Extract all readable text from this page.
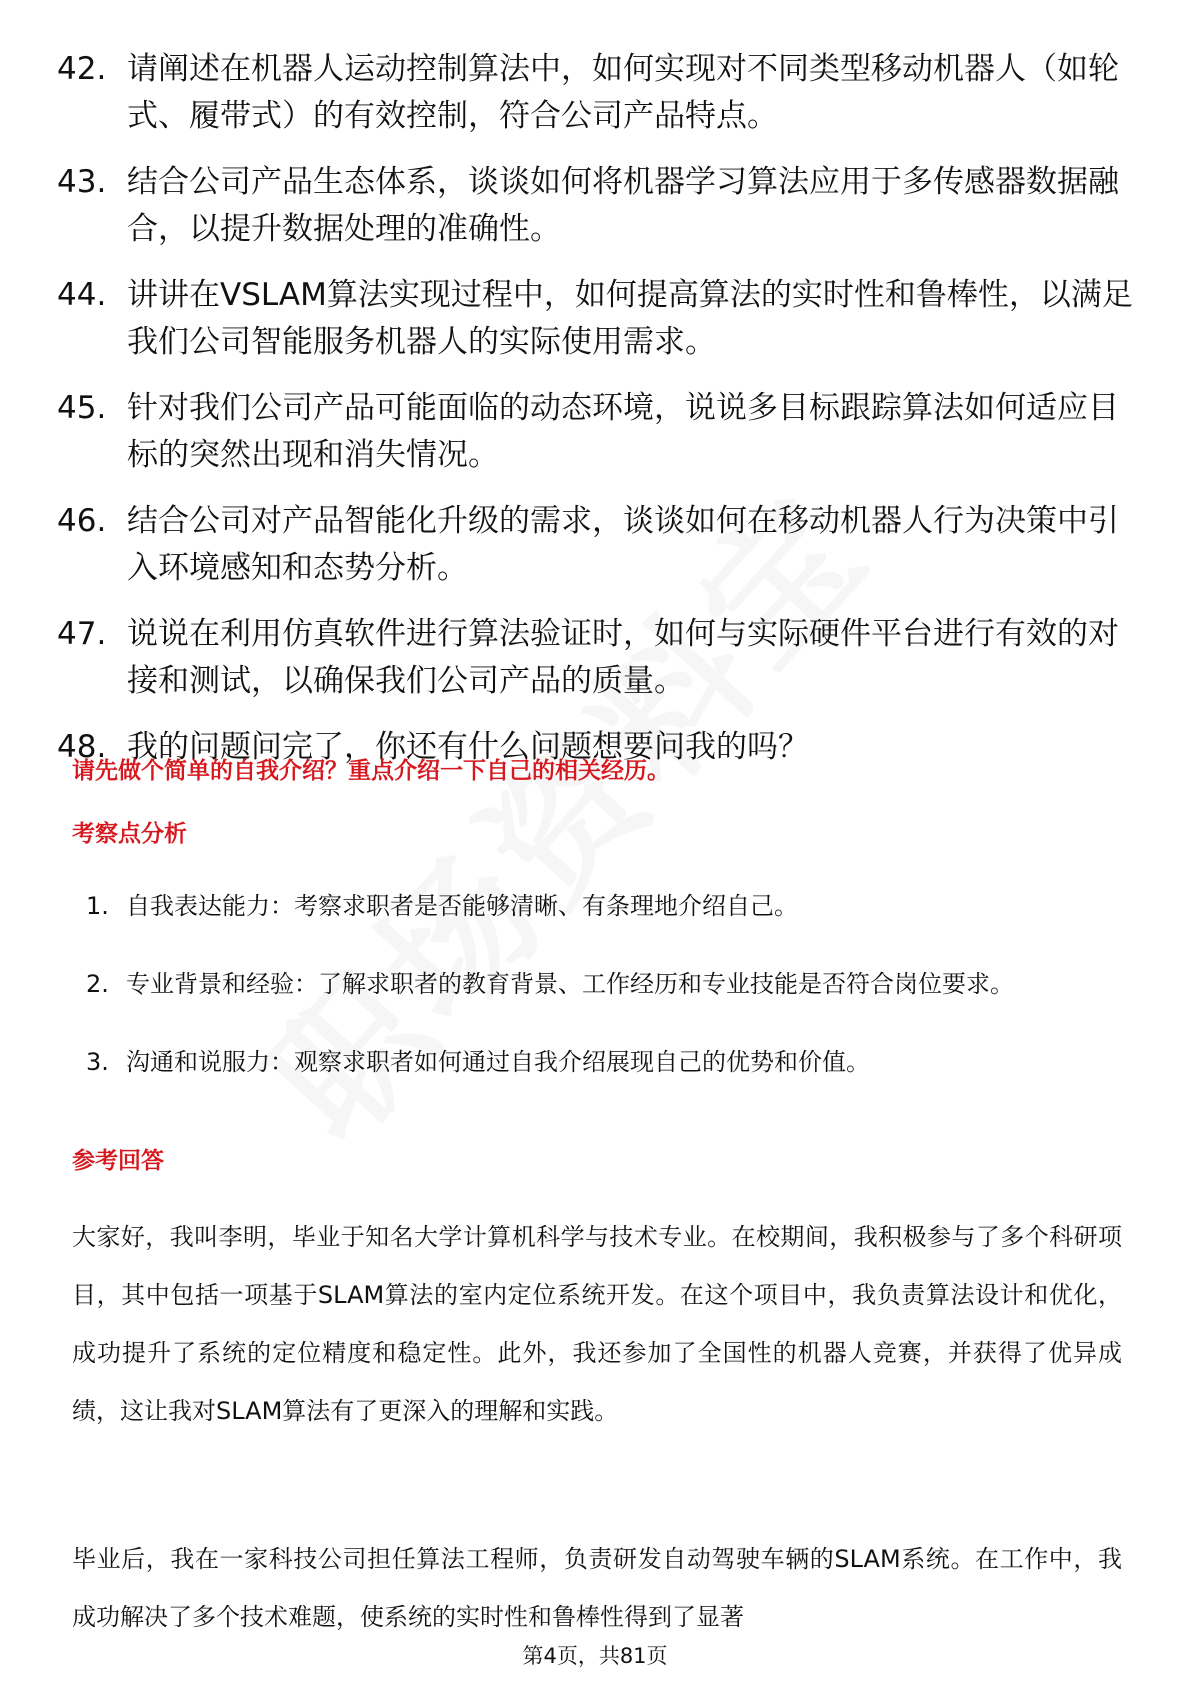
42. 请阐述在机器人运动控制算法中，如何实现对不同类型移动机器人（如轮式、履带式）的有效控制，符合公司产品特点。
43. 结合公司产品生态体系，谈谈如何将机器学习算法应用于多传感器数据融合，以提升数据处理的准确性。
44. 讲讲在VSLAM算法实现过程中，如何提高算法的实时性和鲁棒性，以满足我们公司智能服务机器人的实际使用需求。
45. 针对我们公司产品可能面临的动态环境，说说多目标跟踪算法如何适应目标的突然出现和消失情况。
46. 结合公司对产品智能化升级的需求，谈谈如何在移动机器人行为决策中引入环境感知和态势分析。
47. 说说在利用仿真软件进行算法验证时，如何与实际硬件平台进行有效的对接和测试，以确保我们公司产品的质量。
48. 我的问题问完了，你还有什么问题想要问我的吗？
请先做个简单的自我介绍？重点介绍一下自己的相关经历。
考察点分析
1. 自我表达能力：考察求职者是否能够清晰、有条理地介绍自己。
2. 专业背景和经验：了解求职者的教育背景、工作经历和专业技能是否符合岗位要求。
3. 沟通和说服力：观察求职者如何通过自我介绍展现自己的优势和价值。
参考回答
大家好，我叫李明，毕业于知名大学计算机科学与技术专业。在校期间，我积极参与了多个科研项目，其中包括一项基于SLAM算法的室内定位系统开发。在这个项目中，我负责算法设计和优化，成功提升了系统的定位精度和稳定性。此外，我还参加了全国性的机器人竞赛，并获得了优异成绩，这让我对SLAM算法有了更深入的理解和实践。
毕业后，我在一家科技公司担任算法工程师，负责研发自动驾驶车辆的SLAM系统。在工作中，我成功解决了多个技术难题，使系统的实时性和鲁棒性得到了显著
第4页，共81页
